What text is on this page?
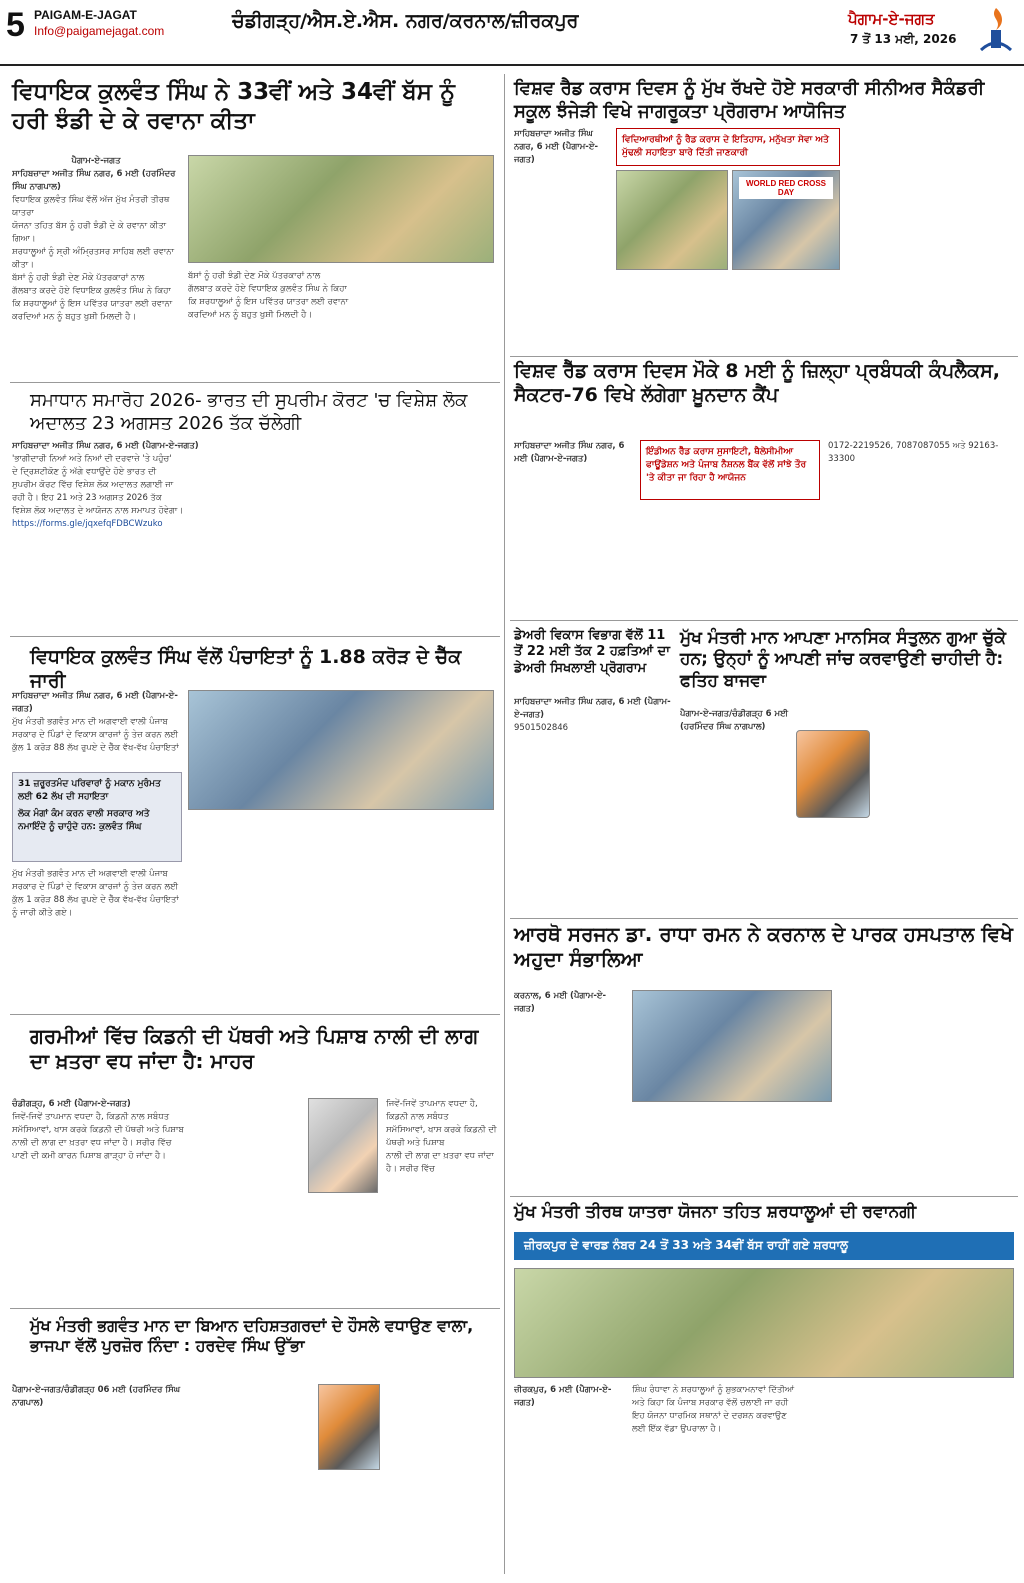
5 PAIGAM-E-JAGAT
Info@paigamejagat.com	ਚੰਡੀਗੜ੍ਹ/ਐਸ.ਏ.ਐਸ. ਨਗਰ/ਕਰਨਾਲ/ਜ਼ੀਰਕਪੁਰ	ਪੈਗਾਮ-ਏ-ਜਗਤ
7 ਤੋਂ 13 ਮਈ, 2026
ਵਿਧਾਇਕ ਕੁਲਵੰਤ ਸਿੰਘ ਨੇ 33ਵੀਂ ਅਤੇ 34ਵੀਂ ਬੱਸ ਨੂੰ ਹਰੀ ਝੰਡੀ ਦੇ ਕੇ ਰਵਾਨਾ ਕੀਤਾ
ਪੈਗਾਮ-ਏ-ਜਗਤ
ਸਾਹਿਬਜ਼ਾਦਾ ਅਜੀਤ ਸਿੰਘ ਨਗਰ, 6 ਮਈ (ਹਰਮਿੰਦਰ ਸਿੰਘ ਨਾਗਪਾਲ)
ਵਿਧਾਇਕ ਕੁਲਵੰਤ ਸਿੰਘ ਵੱਲੋਂ ਅੱਜ ਮੁੱਖ ਮੰਤਰੀ ਤੀਰਥ ਯਾਤਰਾ
ਯੋਜਨਾ ਤਹਿਤ ਬੱਸ ਨੂੰ ਹਰੀ ਝੰਡੀ ਦੇ ਕੇ ਰਵਾਨਾ ਕੀਤਾ ਗਿਆ।
ਸ਼ਰਧਾਲੂਆਂ ਨੂੰ ਸ੍ਰੀ ਅੰਮ੍ਰਿਤਸਰ ਸਾਹਿਬ ਲਈ ਰਵਾਨਾ ਕੀਤਾ।
ਬੱਸਾਂ ਨੂੰ ਹਰੀ ਝੰਡੀ ਦੇਣ ਮੌਕੇ ਪੱਤਰਕਾਰਾਂ ਨਾਲ
ਗੱਲਬਾਤ ਕਰਦੇ ਹੋਏ ਵਿਧਾਇਕ ਕੁਲਵੰਤ ਸਿੰਘ ਨੇ ਕਿਹਾ
ਕਿ ਸ਼ਰਧਾਲੂਆਂ ਨੂੰ ਇਸ ਪਵਿੱਤਰ ਯਾਤਰਾ ਲਈ ਰਵਾਨਾ
ਕਰਦਿਆਂ ਮਨ ਨੂੰ ਬਹੁਤ ਖੁਸ਼ੀ ਮਿਲਦੀ ਹੈ।
ਬੱਸਾਂ ਨੂੰ ਹਰੀ ਝੰਡੀ ਦੇਣ ਮੌਕੇ ਪੱਤਰਕਾਰਾਂ ਨਾਲ
ਗੱਲਬਾਤ ਕਰਦੇ ਹੋਏ ਵਿਧਾਇਕ ਕੁਲਵੰਤ ਸਿੰਘ ਨੇ ਕਿਹਾ
ਕਿ ਸ਼ਰਧਾਲੂਆਂ ਨੂੰ ਇਸ ਪਵਿੱਤਰ ਯਾਤਰਾ ਲਈ ਰਵਾਨਾ
ਕਰਦਿਆਂ ਮਨ ਨੂੰ ਬਹੁਤ ਖੁਸ਼ੀ ਮਿਲਦੀ ਹੈ।
ਸਮਾਧਾਨ ਸਮਾਰੋਹ 2026- ਭਾਰਤ ਦੀ ਸੁਪਰੀਮ ਕੋਰਟ 'ਚ ਵਿਸ਼ੇਸ਼ ਲੋਕ ਅਦਾਲਤ 23 ਅਗਸਤ 2026 ਤੱਕ ਚੱਲੇਗੀ
ਸਾਹਿਬਜ਼ਾਦਾ ਅਜੀਤ ਸਿੰਘ ਨਗਰ, 6 ਮਈ (ਪੈਗਾਮ-ਏ-ਜਗਤ)
'ਭਾਗੀਦਾਰੀ ਨਿਆਂ ਅਤੇ ਨਿਆਂ ਦੀ ਦਰਵਾਜ਼ੇ 'ਤੇ ਪਹੁੰਚ'
ਦੇ ਦ੍ਰਿਸ਼ਟੀਕੋਣ ਨੂੰ ਅੱਗੇ ਵਧਾਉਂਦੇ ਹੋਏ ਭਾਰਤ ਦੀ
ਸੁਪਰੀਮ ਕੋਰਟ ਵਿੱਚ ਵਿਸ਼ੇਸ਼ ਲੋਕ ਅਦਾਲਤ ਲਗਾਈ ਜਾ
ਰਹੀ ਹੈ। ਇਹ 21 ਅਤੇ 23 ਅਗਸਤ 2026 ਤੱਕ
ਵਿਸ਼ੇਸ਼ ਲੋਕ ਅਦਾਲਤ ਦੇ ਆਯੋਜਨ ਨਾਲ ਸਮਾਪਤ ਹੋਵੇਗਾ।
https://forms.gle/jqxefqFDBCWzuko
ਵਿਧਾਇਕ ਕੁਲਵੰਤ ਸਿੰਘ ਵੱਲੋਂ ਪੰਚਾਇਤਾਂ ਨੂੰ 1.88 ਕਰੋੜ ਦੇ ਚੈੱਕ ਜਾਰੀ
ਸਾਹਿਬਜ਼ਾਦਾ ਅਜੀਤ ਸਿੰਘ ਨਗਰ, 6 ਮਈ (ਪੈਗਾਮ-ਏ-ਜਗਤ)
ਮੁੱਖ ਮੰਤਰੀ ਭਗਵੰਤ ਮਾਨ ਦੀ ਅਗਵਾਈ ਵਾਲੀ ਪੰਜਾਬ
ਸਰਕਾਰ ਦੇ ਪਿੰਡਾਂ ਦੇ ਵਿਕਾਸ ਕਾਰਜਾਂ ਨੂੰ ਤੇਜ਼ ਕਰਨ ਲਈ
ਕੁੱਲ 1 ਕਰੋੜ 88 ਲੱਖ ਰੁਪਏ ਦੇ ਚੈੱਕ ਵੱਖ-ਵੱਖ ਪੰਚਾਇਤਾਂ
31 ਜ਼ਰੂਰਤਮੰਦ ਪਰਿਵਾਰਾਂ ਨੂੰ ਮਕਾਨ ਮੁਰੰਮਤ ਲਈ 62 ਲੱਖ ਦੀ ਸਹਾਇਤਾ
ਲੋਕ ਮੰਗਾਂ ਕੰਮ ਕਰਨ ਵਾਲੀ ਸਰਕਾਰ ਅਤੇ ਨਮਾਇੰਦੇ ਨੂੰ ਚਾਹੁੰਦੇ ਹਨ: ਕੁਲਵੰਤ ਸਿੰਘ
ਮੁੱਖ ਮੰਤਰੀ ਭਗਵੰਤ ਮਾਨ ਦੀ ਅਗਵਾਈ ਵਾਲੀ ਪੰਜਾਬ
ਸਰਕਾਰ ਦੇ ਪਿੰਡਾਂ ਦੇ ਵਿਕਾਸ ਕਾਰਜਾਂ ਨੂੰ ਤੇਜ਼ ਕਰਨ ਲਈ
ਕੁੱਲ 1 ਕਰੋੜ 88 ਲੱਖ ਰੁਪਏ ਦੇ ਚੈੱਕ ਵੱਖ-ਵੱਖ ਪੰਚਾਇਤਾਂ
ਨੂੰ ਜਾਰੀ ਕੀਤੇ ਗਏ।
ਗਰਮੀਆਂ ਵਿੱਚ ਕਿਡਨੀ ਦੀ ਪੱਥਰੀ ਅਤੇ ਪਿਸ਼ਾਬ ਨਾਲੀ ਦੀ ਲਾਗ ਦਾ ਖ਼ਤਰਾ ਵਧ ਜਾਂਦਾ ਹੈ: ਮਾਹਰ
ਚੰਡੀਗੜ੍ਹ, 6 ਮਈ (ਪੈਗਾਮ-ਏ-ਜਗਤ)
ਜਿਵੇਂ-ਜਿਵੇਂ ਤਾਪਮਾਨ ਵਧਦਾ ਹੈ, ਕਿਡਨੀ ਨਾਲ ਸਬੰਧਤ
ਸਮੱਸਿਆਵਾਂ, ਖਾਸ ਕਰਕੇ ਕਿਡਨੀ ਦੀ ਪੱਥਰੀ ਅਤੇ ਪਿਸ਼ਾਬ
ਨਾਲੀ ਦੀ ਲਾਗ ਦਾ ਖ਼ਤਰਾ ਵਧ ਜਾਂਦਾ ਹੈ। ਸਰੀਰ ਵਿੱਚ
ਪਾਣੀ ਦੀ ਕਮੀ ਕਾਰਨ ਪਿਸ਼ਾਬ ਗਾੜ੍ਹਾ ਹੋ ਜਾਂਦਾ ਹੈ।
ਜਿਵੇਂ-ਜਿਵੇਂ ਤਾਪਮਾਨ ਵਧਦਾ ਹੈ, ਕਿਡਨੀ ਨਾਲ ਸਬੰਧਤ
ਸਮੱਸਿਆਵਾਂ, ਖਾਸ ਕਰਕੇ ਕਿਡਨੀ ਦੀ ਪੱਥਰੀ ਅਤੇ ਪਿਸ਼ਾਬ
ਨਾਲੀ ਦੀ ਲਾਗ ਦਾ ਖ਼ਤਰਾ ਵਧ ਜਾਂਦਾ ਹੈ। ਸਰੀਰ ਵਿੱਚ
ਮੁੱਖ ਮੰਤਰੀ ਭਗਵੰਤ ਮਾਨ ਦਾ ਬਿਆਨ ਦਹਿਸ਼ਤਗਰਦਾਂ ਦੇ ਹੌਸਲੇ ਵਧਾਉਣ ਵਾਲਾ, ਭਾਜਪਾ ਵੱਲੋਂ ਪੁਰਜ਼ੋਰ ਨਿੰਦਾ : ਹਰਦੇਵ ਸਿੰਘ ਉੱਭਾ
ਪੈਗਾਮ-ਏ-ਜਗਤ/ਚੰਡੀਗੜ੍ਹ 06 ਮਈ (ਹਰਮਿੰਦਰ ਸਿੰਘ ਨਾਗਪਾਲ)
ਵਿਸ਼ਵ ਰੈਡ ਕਰਾਸ ਦਿਵਸ ਨੂੰ ਮੁੱਖ ਰੱਖਦੇ ਹੋਏ ਸਰਕਾਰੀ ਸੀਨੀਅਰ ਸੈਕੰਡਰੀ ਸਕੂਲ ਝੰਜੇੜੀ ਵਿਖੇ ਜਾਗਰੂਕਤਾ ਪ੍ਰੋਗਰਾਮ ਆਯੋਜਿਤ
ਸਾਹਿਬਜ਼ਾਦਾ ਅਜੀਤ ਸਿੰਘ ਨਗਰ, 6 ਮਈ (ਪੈਗਾਮ-ਏ-ਜਗਤ)
ਵਿਦਿਆਰਥੀਆਂ ਨੂੰ ਰੈਡ ਕਰਾਸ ਦੇ ਇਤਿਹਾਸ, ਮਨੁੱਖਤਾ ਸੇਵਾ ਅਤੇ ਮੁੱਢਲੀ ਸਹਾਇਤਾ ਬਾਰੇ ਦਿੱਤੀ ਜਾਣਕਾਰੀ
WORLD RED CROSS DAY
ਵਿਸ਼ਵ ਰੈੱਡ ਕਰਾਸ ਦਿਵਸ ਮੌਕੇ 8 ਮਈ ਨੂੰ ਜ਼ਿਲ੍ਹਾ ਪ੍ਰਬੰਧਕੀ ਕੰਪਲੈਕਸ, ਸੈਕਟਰ-76 ਵਿਖੇ ਲੱਗੇਗਾ ਖ਼ੂਨਦਾਨ ਕੈਂਪ
ਸਾਹਿਬਜ਼ਾਦਾ ਅਜੀਤ ਸਿੰਘ ਨਗਰ, 6 ਮਈ (ਪੈਗਾਮ-ਏ-ਜਗਤ)
ਇੰਡੀਅਨ ਰੈੱਡ ਕਰਾਸ ਸੁਸਾਇਟੀ, ਥੈਲੇਸੀਮੀਆ ਫਾਊਂਡੇਸ਼ਨ ਅਤੇ ਪੰਜਾਬ ਨੈਸ਼ਨਲ ਬੈਂਕ ਵੱਲੋਂ ਸਾਂਝੇ ਤੌਰ 'ਤੇ ਕੀਤਾ ਜਾ ਰਿਹਾ ਹੈ ਆਯੋਜਨ
0172-2219526, 7087087055 ਅਤੇ 92163-33300
ਡੇਅਰੀ ਵਿਕਾਸ ਵਿਭਾਗ ਵੱਲੋਂ 11 ਤੋਂ 22 ਮਈ ਤੱਕ 2 ਹਫ਼ਤਿਆਂ ਦਾ ਡੇਅਰੀ ਸਿਖਲਾਈ ਪ੍ਰੋਗਰਾਮ
ਸਾਹਿਬਜ਼ਾਦਾ ਅਜੀਤ ਸਿੰਘ ਨਗਰ, 6 ਮਈ (ਪੈਗਾਮ-ਏ-ਜਗਤ)
9501502846
ਮੁੱਖ ਮੰਤਰੀ ਮਾਨ ਆਪਣਾ ਮਾਨਸਿਕ ਸੰਤੁਲਨ ਗੁਆ ਚੁੱਕੇ ਹਨ; ਉਨ੍ਹਾਂ ਨੂੰ ਆਪਣੀ ਜਾਂਚ ਕਰਵਾਉਣੀ ਚਾਹੀਦੀ ਹੈ: ਫਤਿਹ ਬਾਜਵਾ
ਪੈਗਾਮ-ਏ-ਜਗਤ/ਚੰਡੀਗੜ੍ਹ 6 ਮਈ (ਹਰਮਿੰਦਰ ਸਿੰਘ ਨਾਗਪਾਲ)
ਆਰਥੋ ਸਰਜਨ ਡਾ. ਰਾਧਾ ਰਮਨ ਨੇ ਕਰਨਾਲ ਦੇ ਪਾਰਕ ਹਸਪਤਾਲ ਵਿਖੇ ਅਹੁਦਾ ਸੰਭਾਲਿਆ
ਕਰਨਾਲ, 6 ਮਈ (ਪੈਗਾਮ-ਏ-ਜਗਤ)
ਮੁੱਖ ਮੰਤਰੀ ਤੀਰਥ ਯਾਤਰਾ ਯੋਜਨਾ ਤਹਿਤ ਸ਼ਰਧਾਲੂਆਂ ਦੀ ਰਵਾਨਗੀ
ਜ਼ੀਰਕਪੁਰ ਦੇ ਵਾਰਡ ਨੰਬਰ 24 ਤੋਂ 33 ਅਤੇ 34ਵੀਂ ਬੱਸ ਰਾਹੀਂ ਗਏ ਸ਼ਰਧਾਲੂ
ਜ਼ੀਰਕਪੁਰ, 6 ਮਈ (ਪੈਗਾਮ-ਏ-ਜਗਤ)
ਸ਼ਿੰਘ ਰੰਧਾਵਾ ਨੇ ਸ਼ਰਧਾਲੂਆਂ ਨੂੰ ਸ਼ੁਭਕਾਮਨਾਵਾਂ ਦਿੱਤੀਆਂ
ਅਤੇ ਕਿਹਾ ਕਿ ਪੰਜਾਬ ਸਰਕਾਰ ਵੱਲੋਂ ਚਲਾਈ ਜਾ ਰਹੀ
ਇਹ ਯੋਜਨਾ ਧਾਰਮਿਕ ਸਥਾਨਾਂ ਦੇ ਦਰਸ਼ਨ ਕਰਵਾਉਣ
ਲਈ ਇੱਕ ਵੱਡਾ ਉਪਰਾਲਾ ਹੈ।
